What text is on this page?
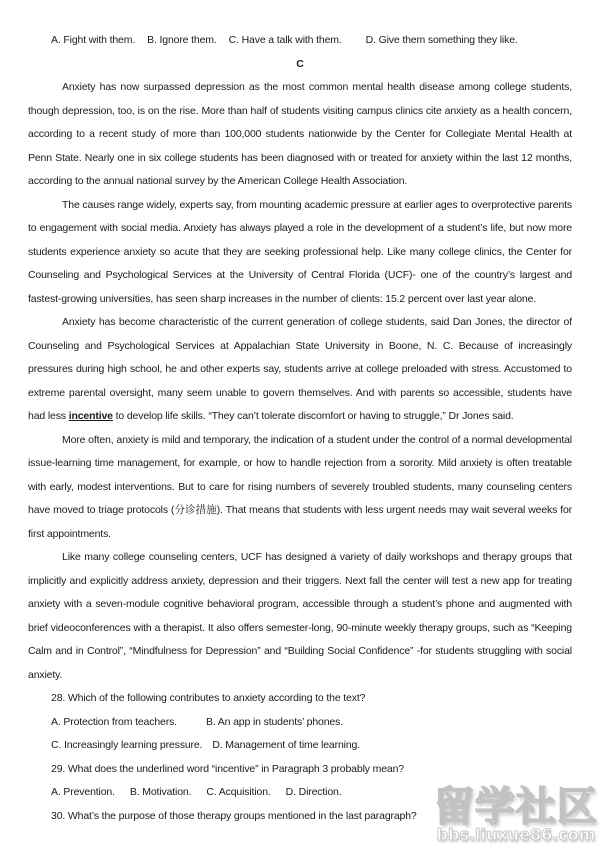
A. Fight with them. B. Ignore them. C. Have a talk with them. D. Give them something they like.
C

Anxiety has now surpassed depression as the most common mental health disease among college students, though depression, too, is on the rise. More than half of students visiting campus clinics cite anxiety as a health concern, according to a recent study of more than 100,000 students nationwide by the Center for Collegiate Mental Health at Penn State. Nearly one in six college students has been diagnosed with or treated for anxiety within the last 12 months, according to the annual national survey by the American College Health Association.

The causes range widely, experts say, from mounting academic pressure at earlier ages to overprotective parents to engagement with social media. Anxiety has always played a role in the development of a student’s life, but now more students experience anxiety so acute that they are seeking professional help. Like many college clinics, the Center for Counseling and Psychological Services at the University of Central Florida (UCF)- one of the country’s largest and fastest-growing universities, has seen sharp increases in the number of clients: 15.2 percent over last year alone.

Anxiety has become characteristic of the current generation of college students, said Dan Jones, the director of Counseling and Psychological Services at Appalachian State University in Boone, N. C. Because of increasingly pressures during high school, he and other experts say, students arrive at college preloaded with stress. Accustomed to extreme parental oversight, many seem unable to govern themselves. And with parents so accessible, students have had less incentive to develop life skills. “They can’t tolerate discomfort or having to struggle,” Dr Jones said.

More often, anxiety is mild and temporary, the indication of a student under the control of a normal developmental issue-learning time management, for example, or how to handle rejection from a sorority. Mild anxiety is often treatable with early, modest interventions. But to care for rising numbers of severely troubled students, many counseling centers have moved to triage protocols (分诊措施). That means that students with less urgent needs may wait several weeks for first appointments.

Like many college counseling centers, UCF has designed a variety of daily workshops and therapy groups that implicitly and explicitly address anxiety, depression and their triggers. Next fall the center will test a new app for treating anxiety with a seven-module cognitive behavioral program, accessible through a student’s phone and augmented with brief videoconferences with a therapist. It also offers semester-long, 90-minute weekly therapy groups, such as “Keeping Calm and in Control”, “Mindfulness for Depression” and “Building Social Confidence” -for students struggling with social anxiety.

28. Which of the following contributes to anxiety according to the text?
A. Protection from teachers.	B. An app in students’ phones.
C. Increasingly learning pressure. D. Management of time learning.
29. What does the underlined word “incentive” in Paragraph 3 probably mean?
A. Prevention. B. Motivation. C. Acquisition. D. Direction.
30. What’s the purpose of those therapy groups mentioned in the last paragraph? 留学社区
bbs.liuxue86.com
